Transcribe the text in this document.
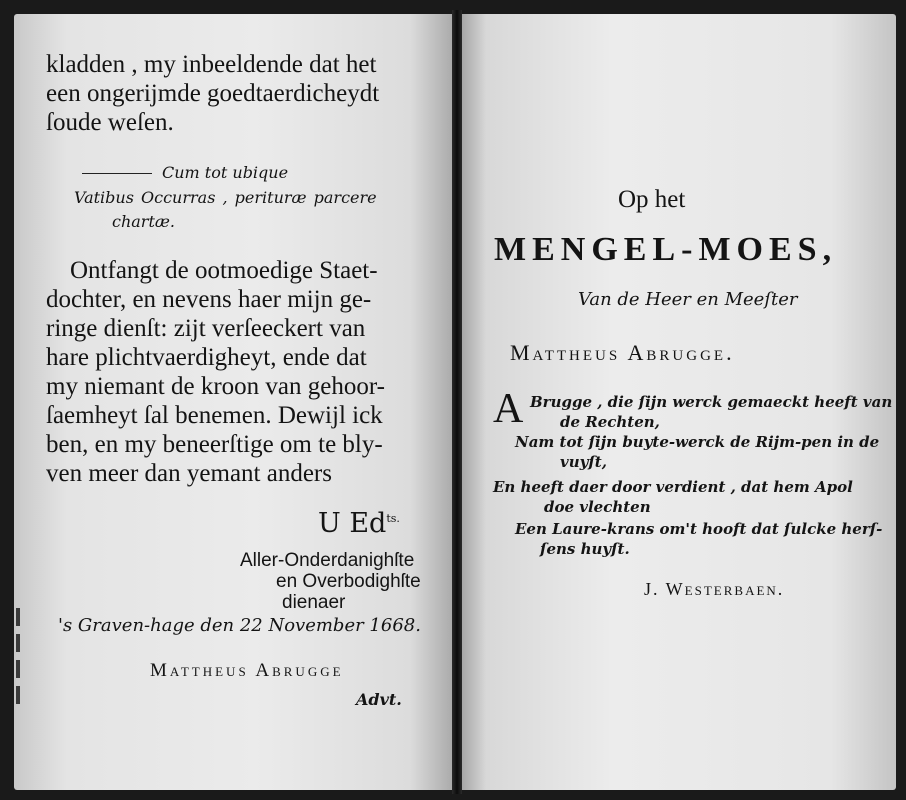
kladden , my inbeeldende dat het
een ongerijmde goedtaerdicheydt
ſoude weſen.
Cum tot ubique
Vatibus Occurras , perituræ parcere
chartæ.
Ontfangt de ootmoedige Staet-
dochter, en nevens haer mijn ge-
ringe dienſt: zijt verſeeckert van
hare plichtvaerdigheyt, ende dat
my niemant de kroon van gehoor-
ſaemheyt ſal benemen. Dewijl ick
ben, en my beneerſtige om te bly-
ven meer dan yemant anders
U $Ed^{ts.}$
Aller-Onderdanighſte
en Overbodighſte
dienaer
's Graven-hage den 22 November 1668.
Mattheus Abrugge
Advt.
Op het
MENGEL-MOES,
Van de Heer en Meeſter
Mattheus Abrugge.
A Brugge , die ſijn werck gemaeckt heeft van
de Rechten,
Nam tot ſijn buyte-werck de Rijm-pen in de
vuyſt,
En heeft daer door verdient , dat hem Apol
doe vlechten
Een Laure-krans om't hooft dat ſulcke herſ-
ſens huyſt.
J. Westerbaen.
